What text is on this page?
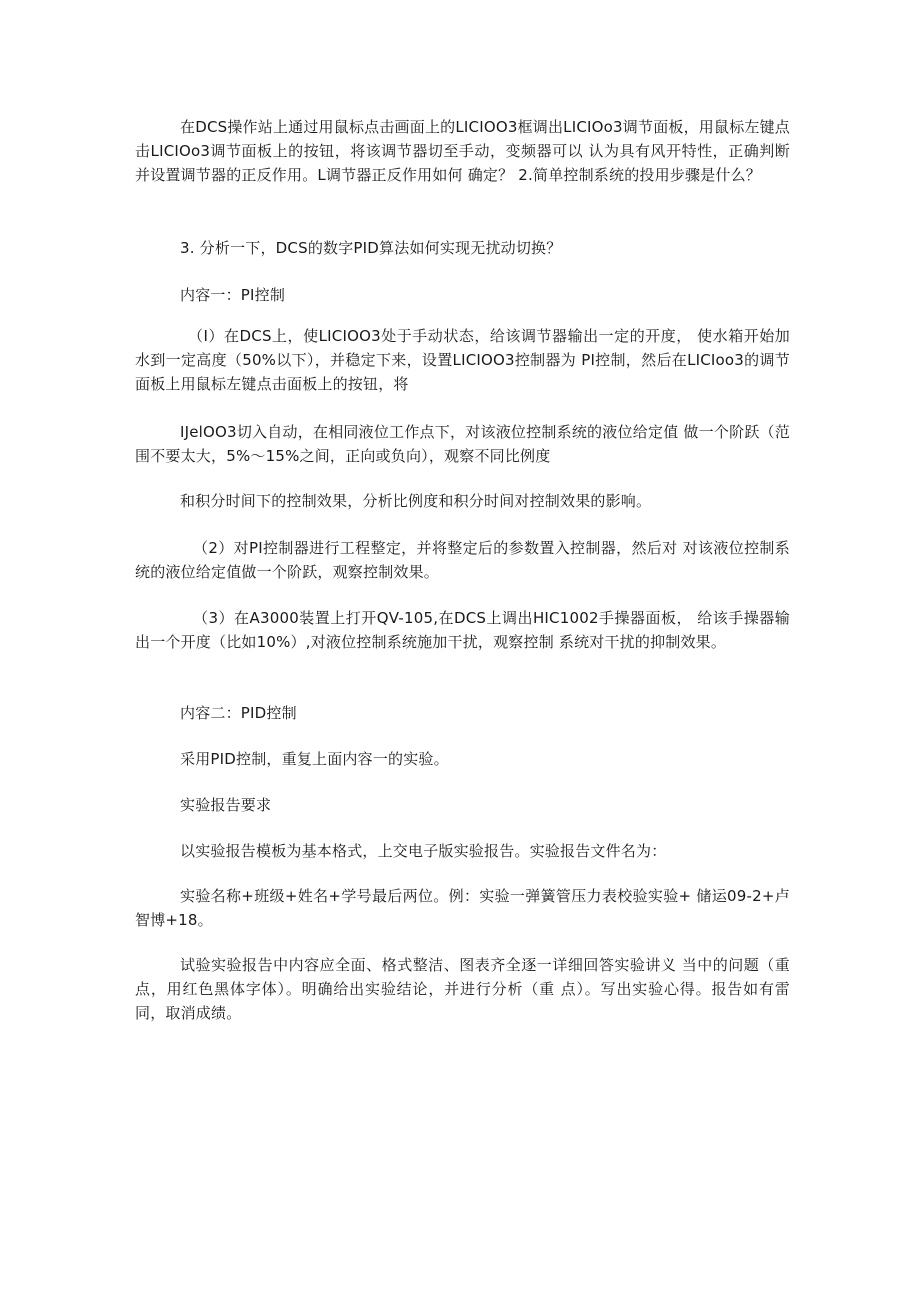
在DCS操作站上通过用鼠标点击画面上的LICIOO3框调出LICIOo3调节面板，用鼠标左键点击LICIOo3调节面板上的按钮，将该调节器切至手动，变频器可以 认为具有风开特性，正确判断并设置调节器的正反作用。L调节器正反作用如何 确定？ 2.简单控制系统的投用步骤是什么？

3. 分析一下，DCS的数字PID算法如何实现无扰动切换？

内容一：PI控制

（I）在DCS上，使LICIOO3处于手动状态，给该调节器输出一定的开度， 使水箱开始加水到一定高度（50%以下），并稳定下来，设置LICIOO3控制器为 PI控制，然后在LICIoo3的调节面板上用鼠标左键点击面板上的按钮，将

IJelOO3切入自动，在相同液位工作点下，对该液位控制系统的液位给定值 做一个阶跃（范围不要太大，5%～15%之间，正向或负向），观察不同比例度

和积分时间下的控制效果，分析比例度和积分时间对控制效果的影响。

（2）对PI控制器进行工程整定，并将整定后的参数置入控制器，然后对 对该液位控制系统的液位给定值做一个阶跃，观察控制效果。

（3）在A3000装置上打开QV-105,在DCS上调出HIC1002手操器面板， 给该手操器输出一个开度（比如10%）,对液位控制系统施加干扰，观察控制 系统对干扰的抑制效果。

内容二：PID控制

采用PID控制，重复上面内容一的实验。

实验报告要求

以实验报告模板为基本格式，上交电子版实验报告。实验报告文件名为：

实验名称+班级+姓名+学号最后两位。例：实验一弹簧管压力表校验实验+ 储运09-2+卢智博+18。

试验实验报告中内容应全面、格式整洁、图表齐全逐一详细回答实验讲义 当中的问题（重点，用红色黑体字体）。明确给出实验结论，并进行分析（重 点）。写出实验心得。报告如有雷同，取消成绩。
